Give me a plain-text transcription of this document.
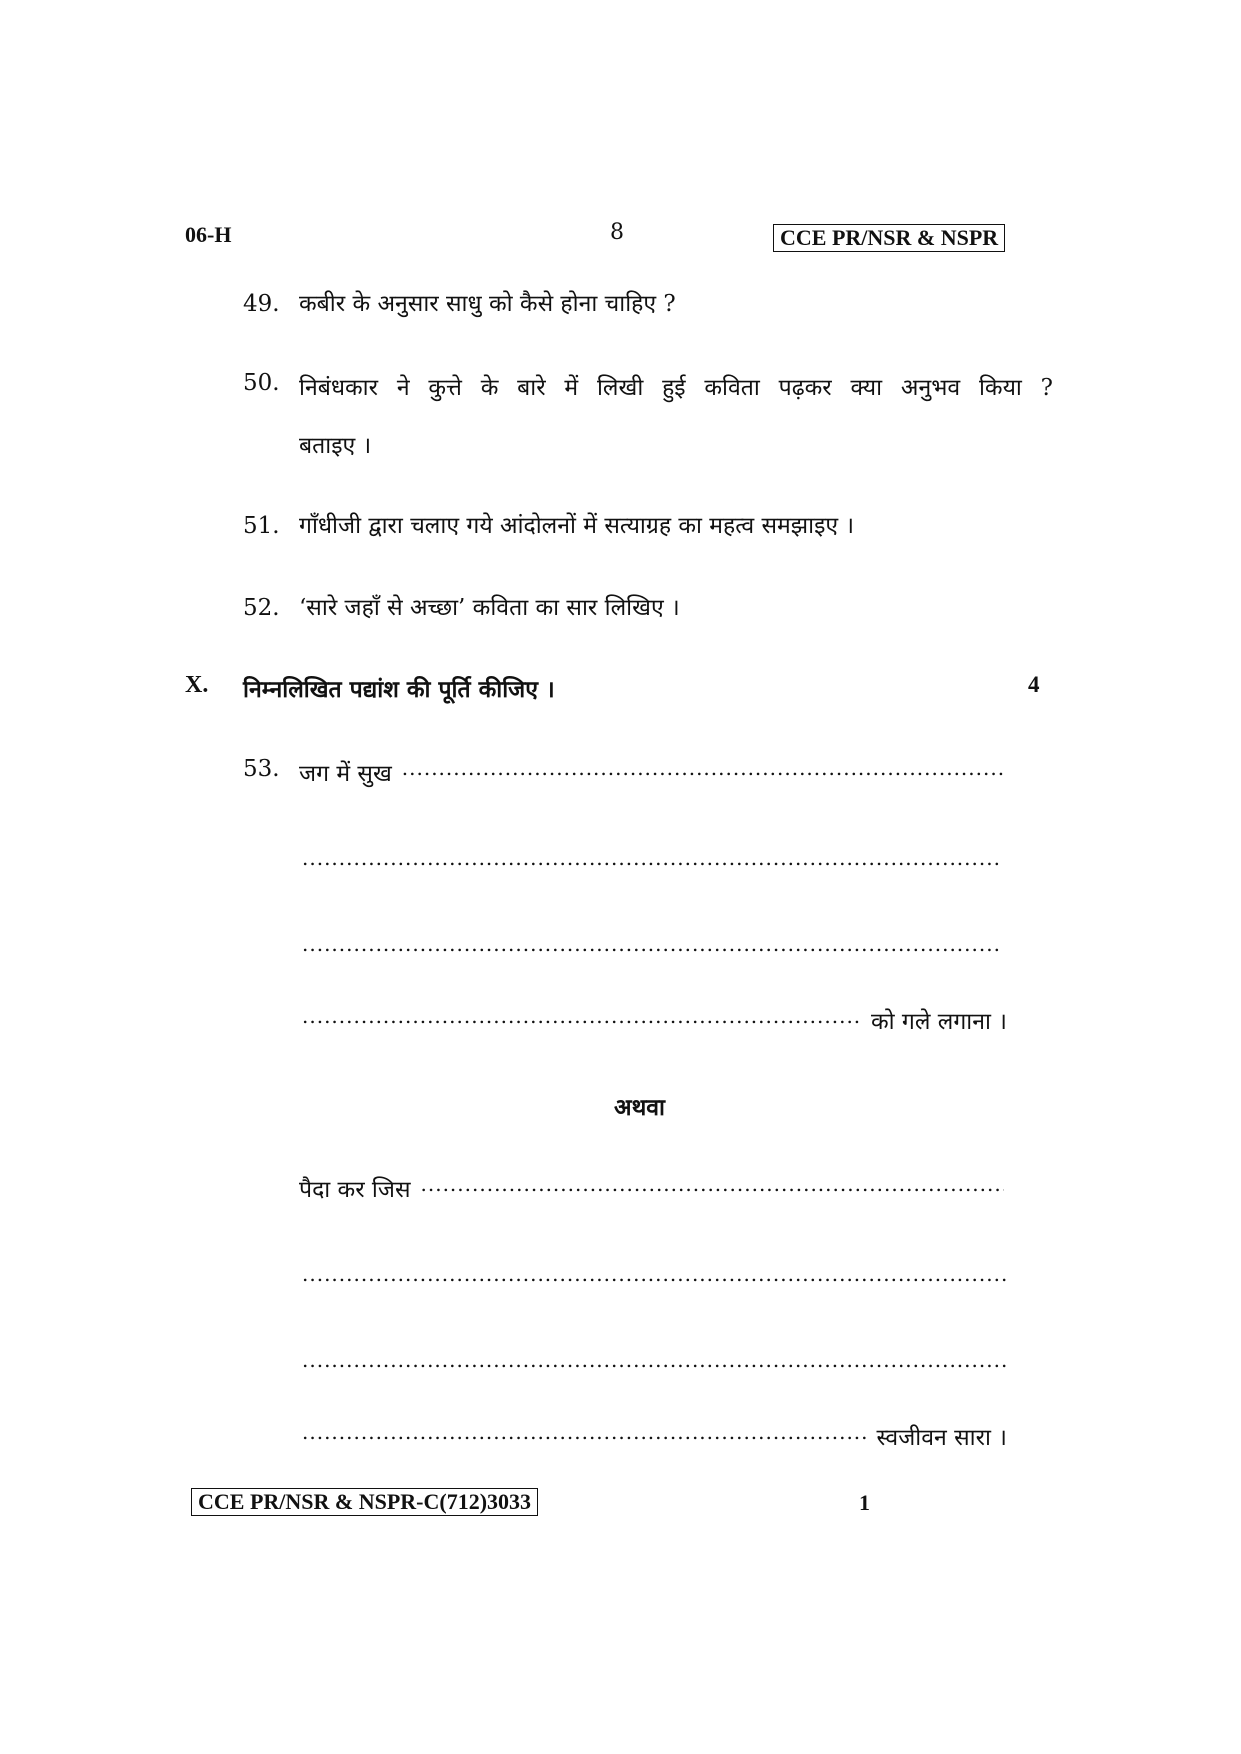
06-H	8	CCE PR/NSR & NSPR
49. कबीर के अनुसार साधु को कैसे होना चाहिए ?
50. निबंधकार ने कुत्ते के बारे में लिखी हुई कविता पढ़कर क्या अनुभव किया ?
बताइए ।
51. गाँधीजी द्वारा चलाए गये आंदोलनों में सत्याग्रह का महत्व समझाइए ।
52. ‘सारे जहाँ से अच्छा’ कविता का सार लिखिए ।
X. निम्नलिखित पद्यांश की पूर्ति कीजिए ।	4
53. जग में सुख
.....
.....
.....
.....
को गले लगाना ।
अथवा
पैदा कर जिस
.....
.....
.....
.....
स्वजीवन सारा ।
CCE PR/NSR & NSPR-C(712)3033	1
